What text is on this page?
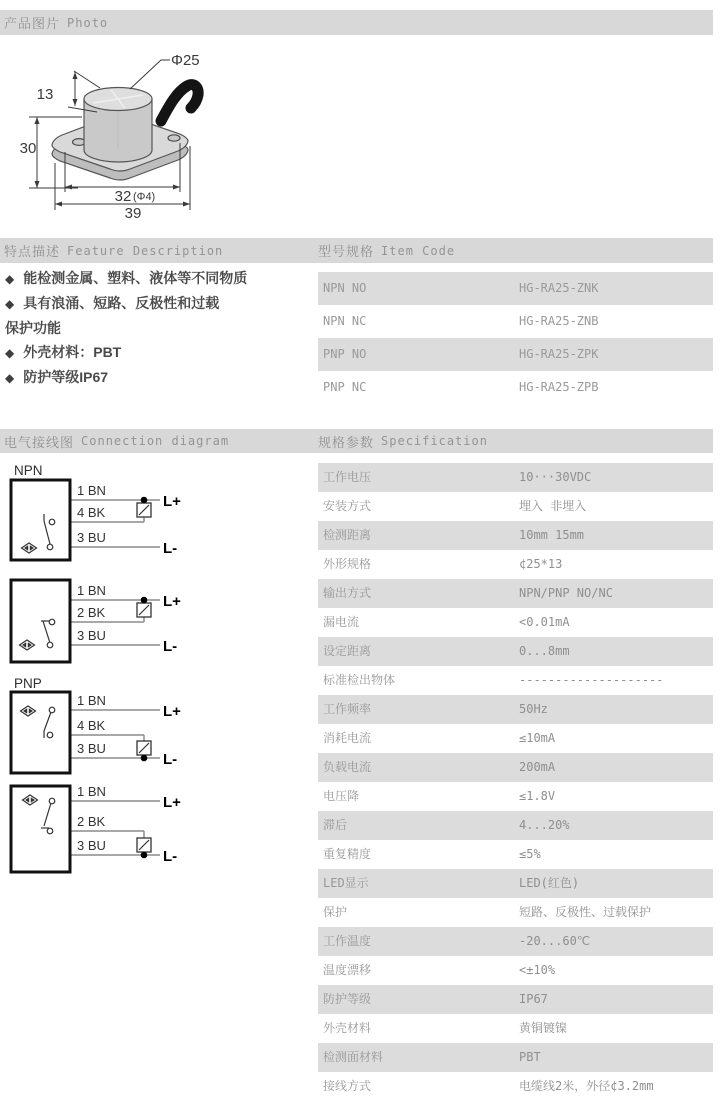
产品图片 Photo
Φ25
13
30
32 (Φ4)
39
特点描述 Feature Description	型号规格 Item Code
◆ 能检测金属、塑料、液体等不同物质
◆ 具有浪涌、短路、反极性和过载
保护功能
◆ 外壳材料：PBT
◆ 防护等级IP67
NPN NO	HG-RA25-ZNK
NPN NC	HG-RA25-ZNB
PNP NO	HG-RA25-ZPK
PNP NC	HG-RA25-ZPB
电气接线图 Connection diagram	规格参数 Specification
NPN
1 BN
4 BK
3 BU
L+
L-
1 BN
2 BK
3 BU
L+
L-
PNP
1 BN
4 BK
3 BU
L+
L-
1 BN
2 BK
3 BU
L+
L-
工作电压	10···30VDC
安装方式	埋入 非埋入
检测距离	10mm 15mm
外形规格	¢25*13
输出方式	NPN/PNP NO/NC
漏电流	<0.01mA
设定距离	0...8mm
标准检出物体	--------------------
工作频率	50Hz
消耗电流	≤10mA
负载电流	200mA
电压降	≤1.8V
滞后	4...20%
重复精度	≤5%
LED显示	LED(红色)
保护	短路、反极性、过载保护
工作温度	-20...60℃
温度漂移	<±10%
防护等级	IP67
外壳材料	黄铜镀镍
检测面材料	PBT
接线方式	电缆线2米，外径¢3.2mm
